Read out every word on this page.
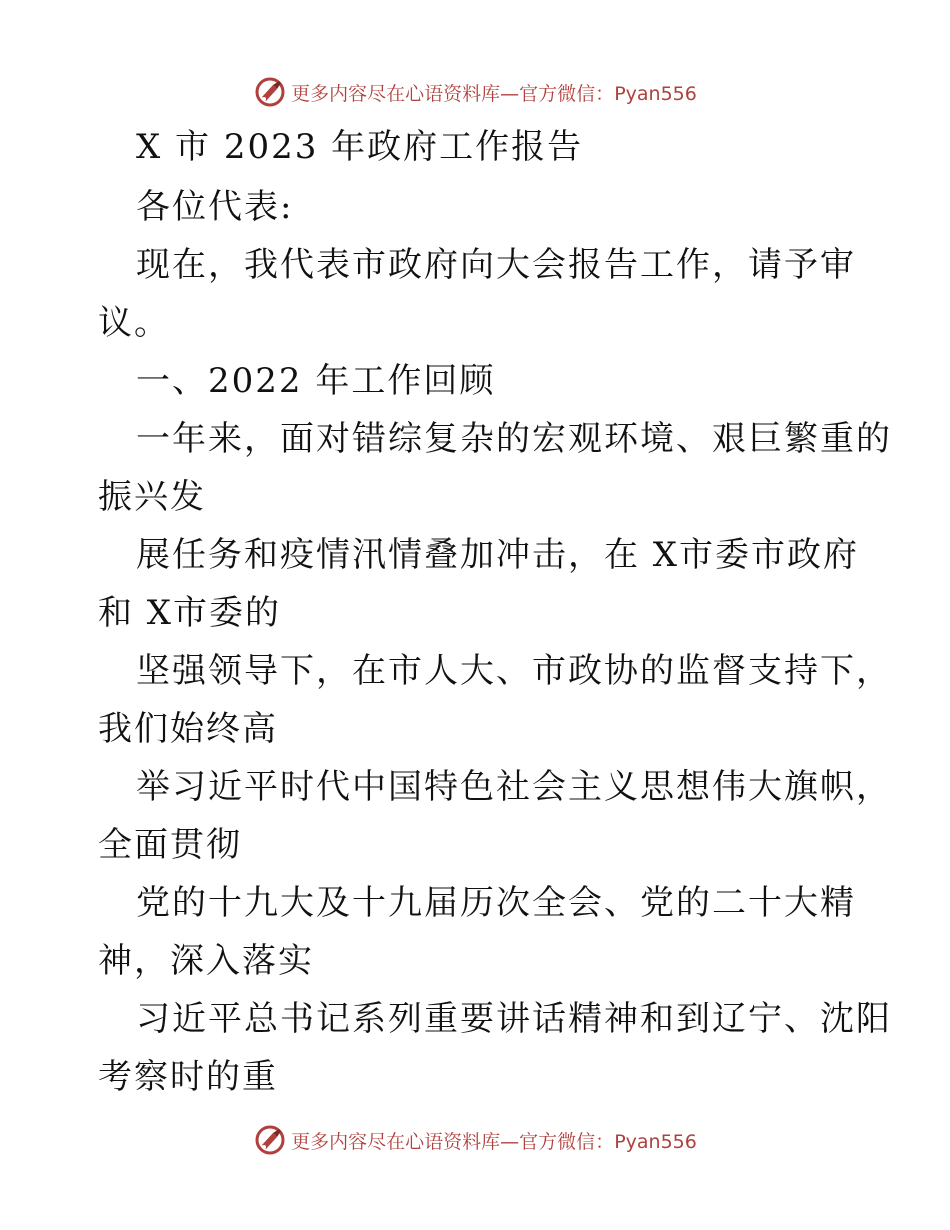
更多内容尽在心语资料库—官方微信：Pyan556
X 市 2023 年政府工作报告
各位代表:
现在，我代表市政府向大会报告工作，请予审
议。
一、2022 年工作回顾
一年来，面对错综复杂的宏观环境、艰巨繁重的
振兴发
展任务和疫情汛情叠加冲击，在 X市委市政府
和 X市委的
坚强领导下，在市人大、市政协的监督支持下，
我们始终高
举习近平时代中国特色社会主义思想伟大旗帜，
全面贯彻
党的十九大及十九届历次全会、党的二十大精
神，深入落实
习近平总书记系列重要讲话精神和到辽宁、沈阳
考察时的重
更多内容尽在心语资料库—官方微信：Pyan556
